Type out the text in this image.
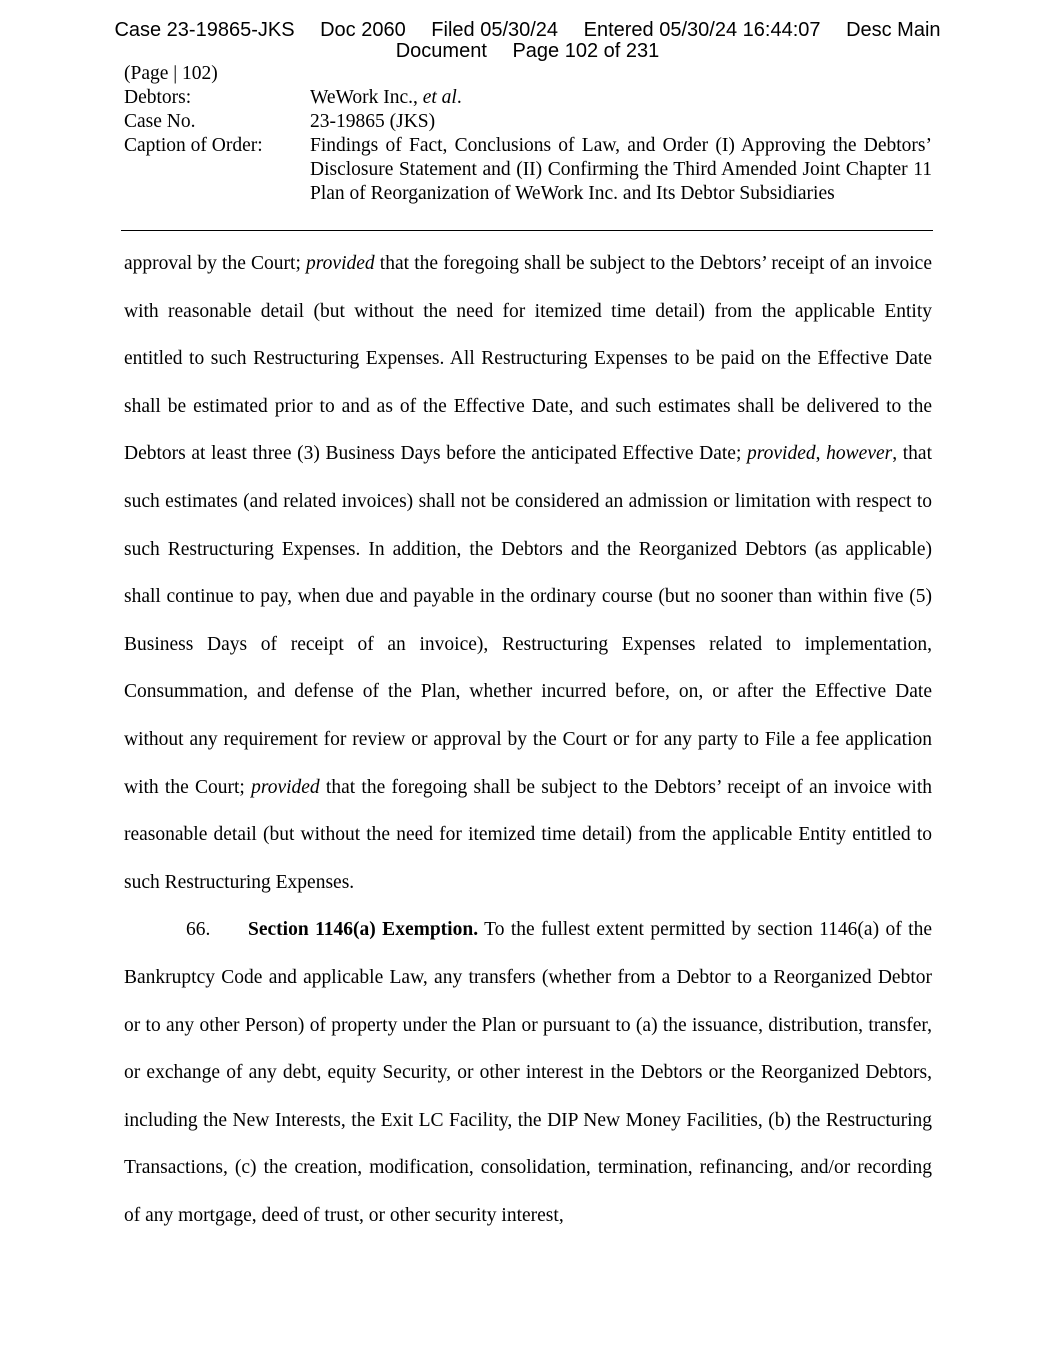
Case 23-19865-JKS Doc 2060 Filed 05/30/24 Entered 05/30/24 16:44:07 Desc Main
Document Page 102 of 231
(Page | 102)
Debtors:	WeWork Inc., et al.
Case No.	23-19865 (JKS)
Caption of Order:	Findings of Fact, Conclusions of Law, and Order (I) Approving the Debtors’ Disclosure Statement and (II) Confirming the Third Amended Joint Chapter 11 Plan of Reorganization of WeWork Inc. and Its Debtor Subsidiaries

approval by the Court; provided that the foregoing shall be subject to the Debtors’ receipt of an invoice with reasonable detail (but without the need for itemized time detail) from the applicable Entity entitled to such Restructuring Expenses. All Restructuring Expenses to be paid on the Effective Date shall be estimated prior to and as of the Effective Date, and such estimates shall be delivered to the Debtors at least three (3) Business Days before the anticipated Effective Date; provided, however, that such estimates (and related invoices) shall not be considered an admission or limitation with respect to such Restructuring Expenses. In addition, the Debtors and the Reorganized Debtors (as applicable) shall continue to pay, when due and payable in the ordinary course (but no sooner than within five (5) Business Days of receipt of an invoice), Restructuring Expenses related to implementation, Consummation, and defense of the Plan, whether incurred before, on, or after the Effective Date without any requirement for review or approval by the Court or for any party to File a fee application with the Court; provided that the foregoing shall be subject to the Debtors’ receipt of an invoice with reasonable detail (but without the need for itemized time detail) from the applicable Entity entitled to such Restructuring Expenses.

66. Section 1146(a) Exemption. To the fullest extent permitted by section 1146(a) of the Bankruptcy Code and applicable Law, any transfers (whether from a Debtor to a Reorganized Debtor or to any other Person) of property under the Plan or pursuant to (a) the issuance, distribution, transfer, or exchange of any debt, equity Security, or other interest in the Debtors or the Reorganized Debtors, including the New Interests, the Exit LC Facility, the DIP New Money Facilities, (b) the Restructuring Transactions, (c) the creation, modification, consolidation, termination, refinancing, and/or recording of any mortgage, deed of trust, or other security interest,
